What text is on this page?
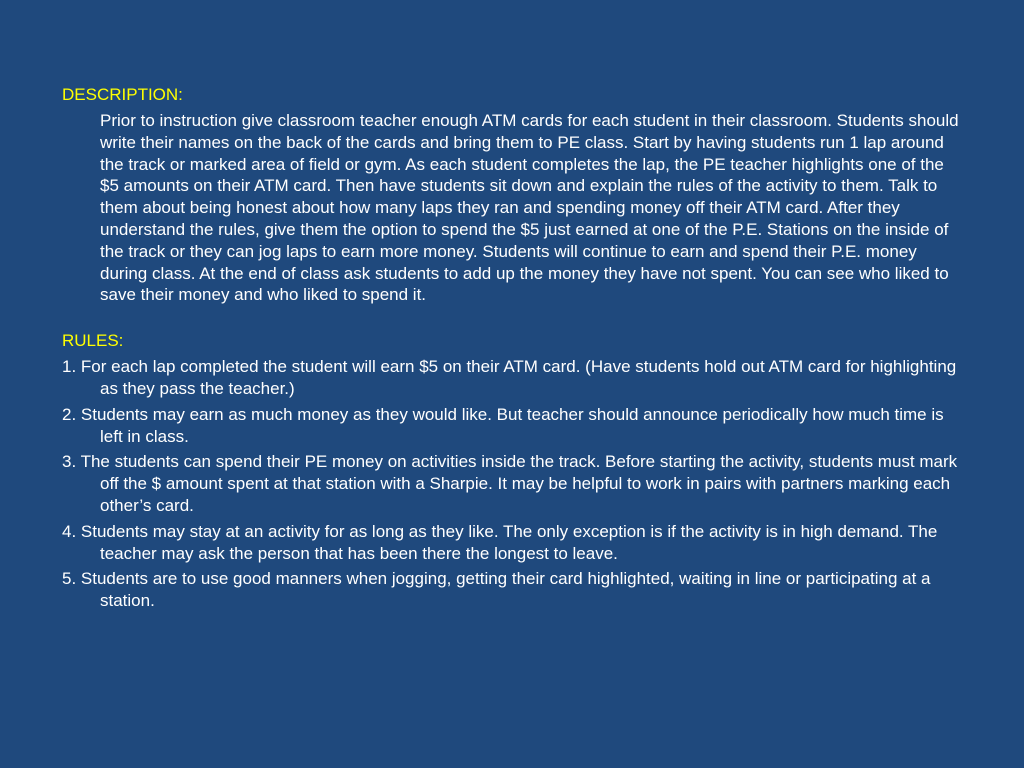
DESCRIPTION:
Prior to instruction give classroom teacher enough ATM cards for each student in their classroom. Students should write their names on the back of the cards and bring them to PE class. Start by having students run 1 lap around the track or marked area of field or gym. As each student completes the lap, the PE teacher highlights one of the $5 amounts on their ATM card. Then have students sit down and explain the rules of the activity to them. Talk to them about being honest about how many laps they ran and spending money off their ATM card. After they understand the rules, give them the option to spend the $5 just earned at one of the P.E. Stations on the inside of the track or they can jog laps to earn more money. Students will continue to earn and spend their P.E. money during class. At the end of class ask students to add up the money they have not spent. You can see who liked to save their money and who liked to spend it.
RULES:
1. For each lap completed the student will earn $5 on their ATM card. (Have students hold out ATM card for highlighting as they pass the teacher.)
2. Students may earn as much money as they would like. But teacher should announce periodically how much time is left in class.
3. The students can spend their PE money on activities inside the track. Before starting the activity, students must mark off the $ amount spent at that station with a Sharpie. It may be helpful to work in pairs with partners marking each other’s card.
4. Students may stay at an activity for as long as they like. The only exception is if the activity is in high demand. The teacher may ask the person that has been there the longest to leave.
5. Students are to use good manners when jogging, getting their card highlighted, waiting in line or participating at a station.
